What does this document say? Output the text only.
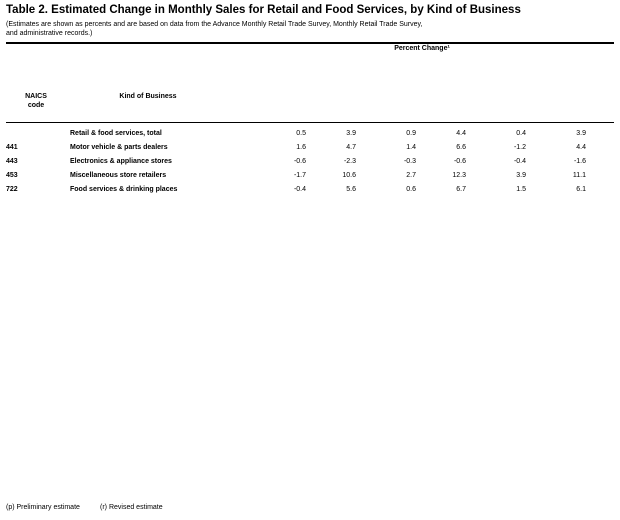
Table 2. Estimated Change in Monthly Sales for Retail and Food Services, by Kind of Business
(Estimates are shown as percents and are based on data from the Advance Monthly Retail Trade Survey, Monthly Retail Trade Survey,
and administrative records.)
NAICS
code
Kind of Business
Percent Change¹
Retail & food services, total	0.5	3.9	0.9	4.4	0.4	3.9
441	Motor vehicle & parts dealers	1.6	4.7	1.4	6.6	-1.2	4.4
443	Electronics & appliance stores	-0.6	-2.3	-0.3	-0.6	-0.4	-1.6
453	Miscellaneous store retailers	-1.7	10.6	2.7	12.3	3.9	11.1
722	Food services & drinking places	-0.4	5.6	0.6	6.7	1.5	6.1
(p) Preliminary estimate	(r) Revised estimate
